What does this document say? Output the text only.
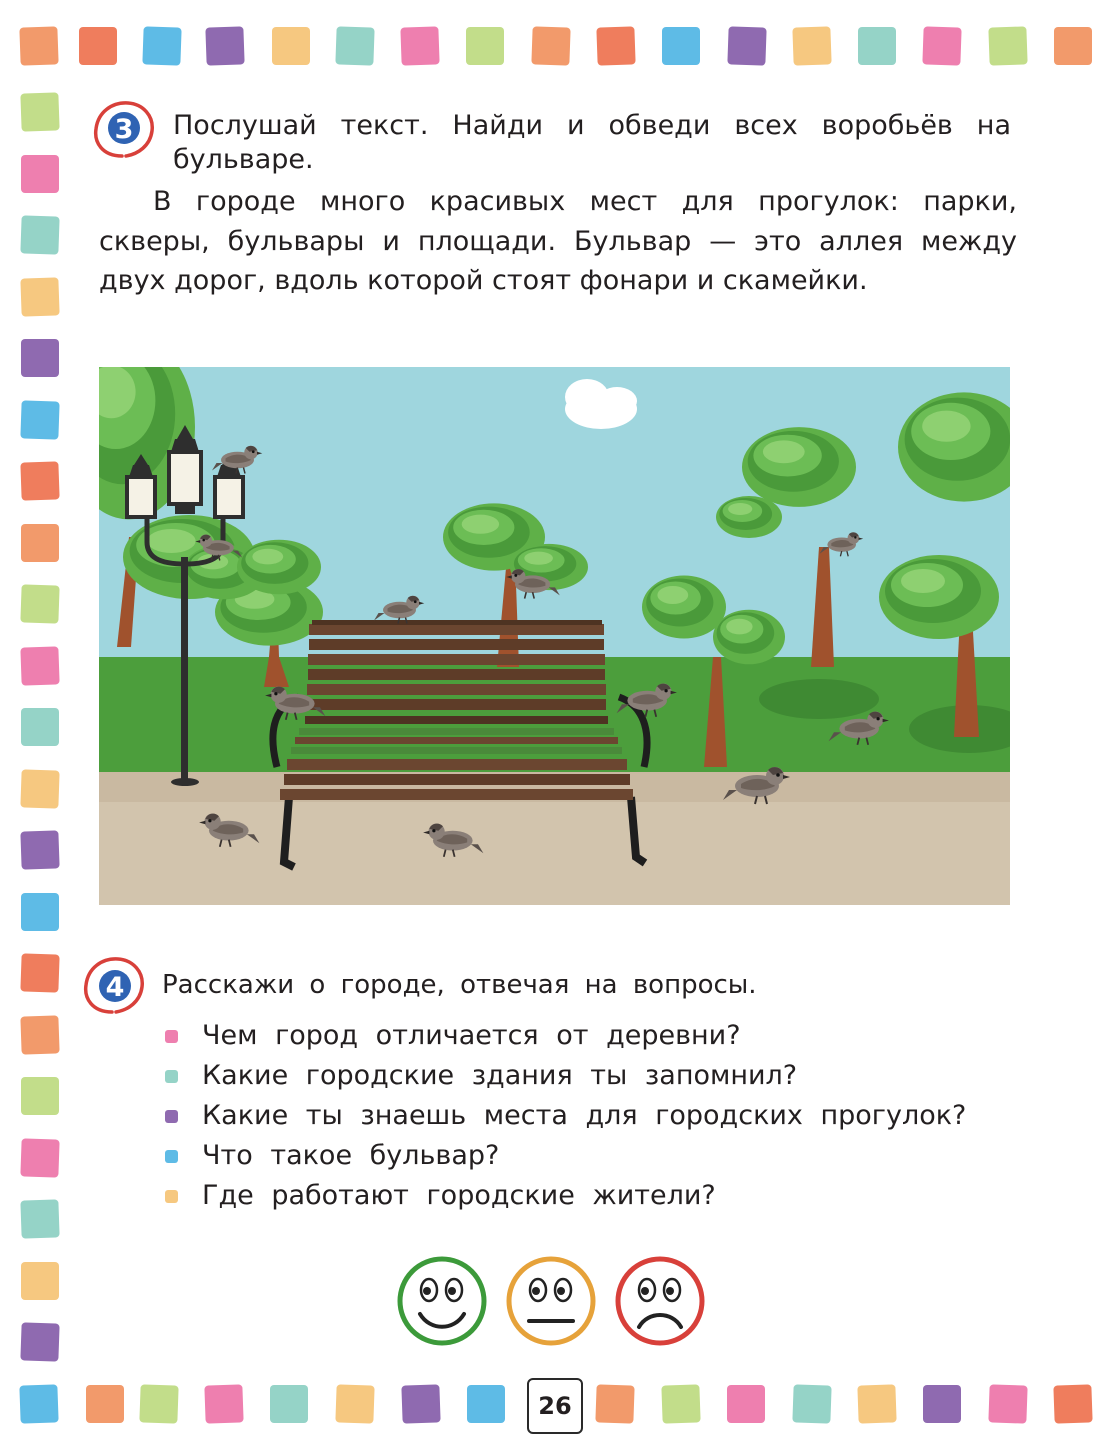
3 Послушай текст. Найди и обведи всех воробьёв на бульваре.
В городе много красивых мест для прогулок: парки, скверы, бульвары и площади. Бульвар — это аллея между двух дорог, вдоль которой стоят фонари и скамейки.
4 Расскажи о городе, отвечая на вопросы.
Чем город отличается от деревни?
Какие городские здания ты запомнил?
Какие ты знаешь места для городских прогулок?
Что такое бульвар?
Где работают городские жители?
26
